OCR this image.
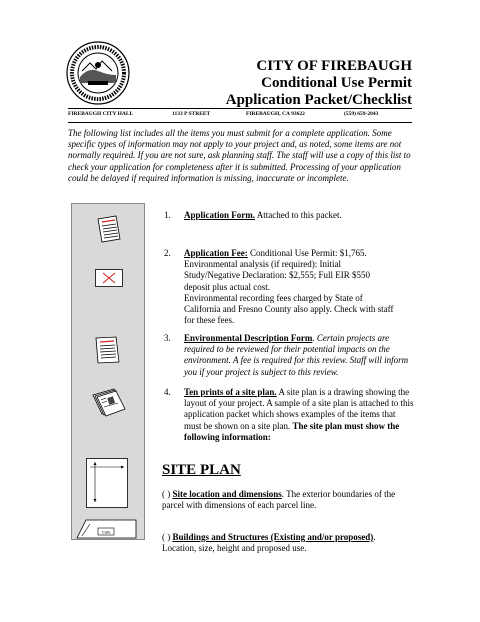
CITY OF FIREBAUGH
Conditional Use Permit
Application Packet/Checklist
FIREBAUGH CITY HALL	1133 P STREET	FIREBAUGH, CA 93622	(559) 659-2043

The following list includes all the items you must submit for a complete application. Some specific types of information may not apply to your project and, as noted, some items are not normally required. If you are not sure, ask planning staff. The staff will use a copy of this list to check your application for completeness after it is submitted. Processing of your application could be delayed if required information is missing, inaccurate or incomplete.

Cafe
1. Application Form. Attached to this packet.
2. Application Fee: Conditional Use Permit: $1,765.
Environmental analysis (if required): Initial
Study/Negative Declaration: $2,555; Full EIR $550
deposit plus actual cost.
Environmental recording fees charged by State of
California and Fresno County also apply. Check with staff
for these fees.
3. Environmental Description Form. Certain projects are required to be reviewed for their potential impacts on the environment. A fee is required for this review. Staff will inform you if your project is subject to this review.
4. Ten prints of a site plan. A site plan is a drawing showing the layout of your project. A sample of a site plan is attached to this application packet which shows examples of the items that must be shown on a site plan. The site plan must show the following information:
SITE PLAN
( ) Site location and dimensions. The exterior boundaries of the parcel with dimensions of each parcel line.
( ) Buildings and Structures (Existing and/or proposed). Location, size, height and proposed use.
